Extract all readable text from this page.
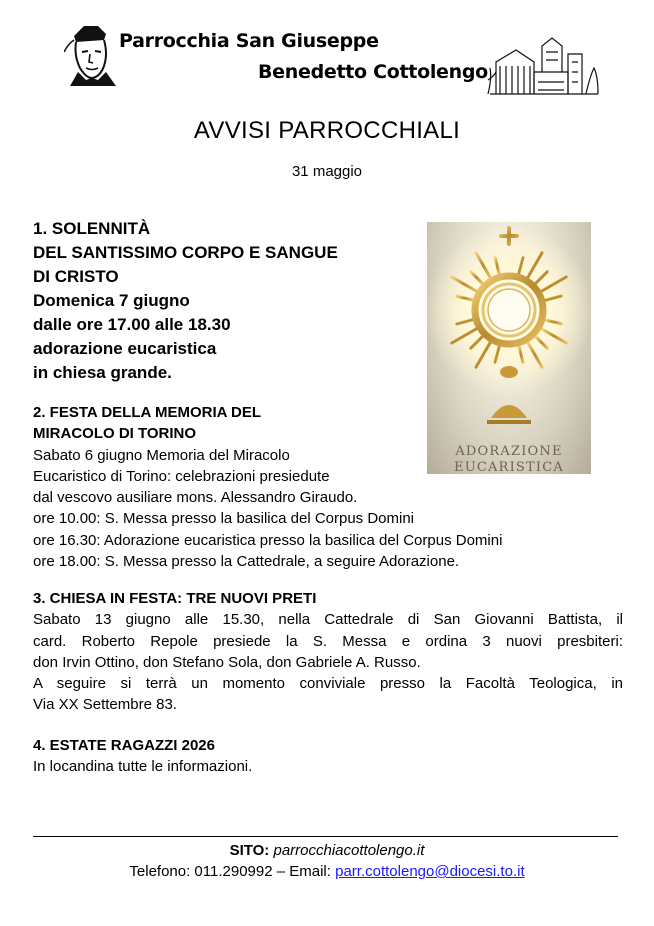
Parrocchia San Giuseppe
Benedetto Cottolengo
AVVISI PARROCCHIALI
31 maggio
1. SOLENNITÀ
DEL SANTISSIMO CORPO E SANGUE
DI CRISTO
Domenica 7 giugno
dalle ore 17.00 alle 18.30
adorazione eucaristica
in chiesa grande.
ADORAZIONE
EUCARISTICA
2. FESTA DELLA MEMORIA DEL
MIRACOLO DI TORINO
Sabato 6 giugno Memoria del Miracolo
Eucaristico di Torino: celebrazioni presiedute
dal vescovo ausiliare mons. Alessandro Giraudo.
ore 10.00: S. Messa presso la basilica del Corpus Domini
ore 16.30: Adorazione eucaristica presso la basilica del Corpus Domini
ore 18.00: S. Messa presso la Cattedrale, a seguire Adorazione.
3. CHIESA IN FESTA: TRE NUOVI PRETI
Sabato 13 giugno alle 15.30, nella Cattedrale di San Giovanni Battista, il
card. Roberto Repole presiede la S. Messa e ordina 3 nuovi presbiteri:
don Irvin Ottino, don Stefano Sola, don Gabriele A. Russo.
A seguire si terrà un momento conviviale presso la Facoltà Teologica, in
Via XX Settembre 83.
4. ESTATE RAGAZZI 2026
In locandina tutte le informazioni.
SITO: parrocchiacottolengo.it
Telefono: 011.290992 – Email: parr.cottolengo@diocesi.to.it
